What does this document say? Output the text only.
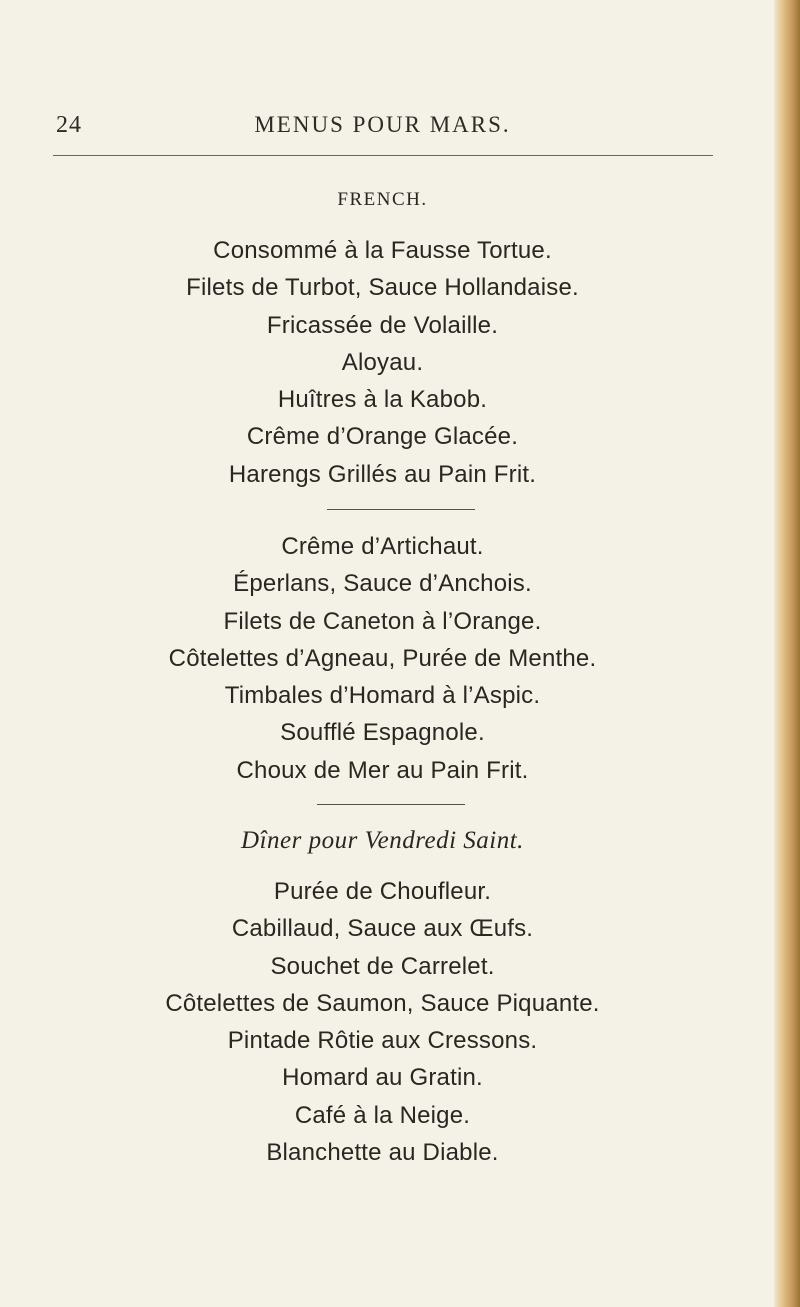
24	MENUS POUR MARS.

FRENCH.

Consommé à la Fausse Tortue.

Filets de Turbot, Sauce Hollandaise.

Fricassée de Volaille.

Aloyau.

Huîtres à la Kabob.

Crême d’Orange Glacée.

Harengs Grillés au Pain Frit.

Crême d’Artichaut.

Éperlans, Sauce d’Anchois.

Filets de Caneton à l’Orange.

Côtelettes d’Agneau, Purée de Menthe.

Timbales d’Homard à l’Aspic.

Soufflé Espagnole.

Choux de Mer au Pain Frit.

Dîner pour Vendredi Saint.

Purée de Choufleur.

Cabillaud, Sauce aux Œufs.

Souchet de Carrelet.

Côtelettes de Saumon, Sauce Piquante.

Pintade Rôtie aux Cressons.

Homard au Gratin.

Café à la Neige.

Blanchette au Diable.
